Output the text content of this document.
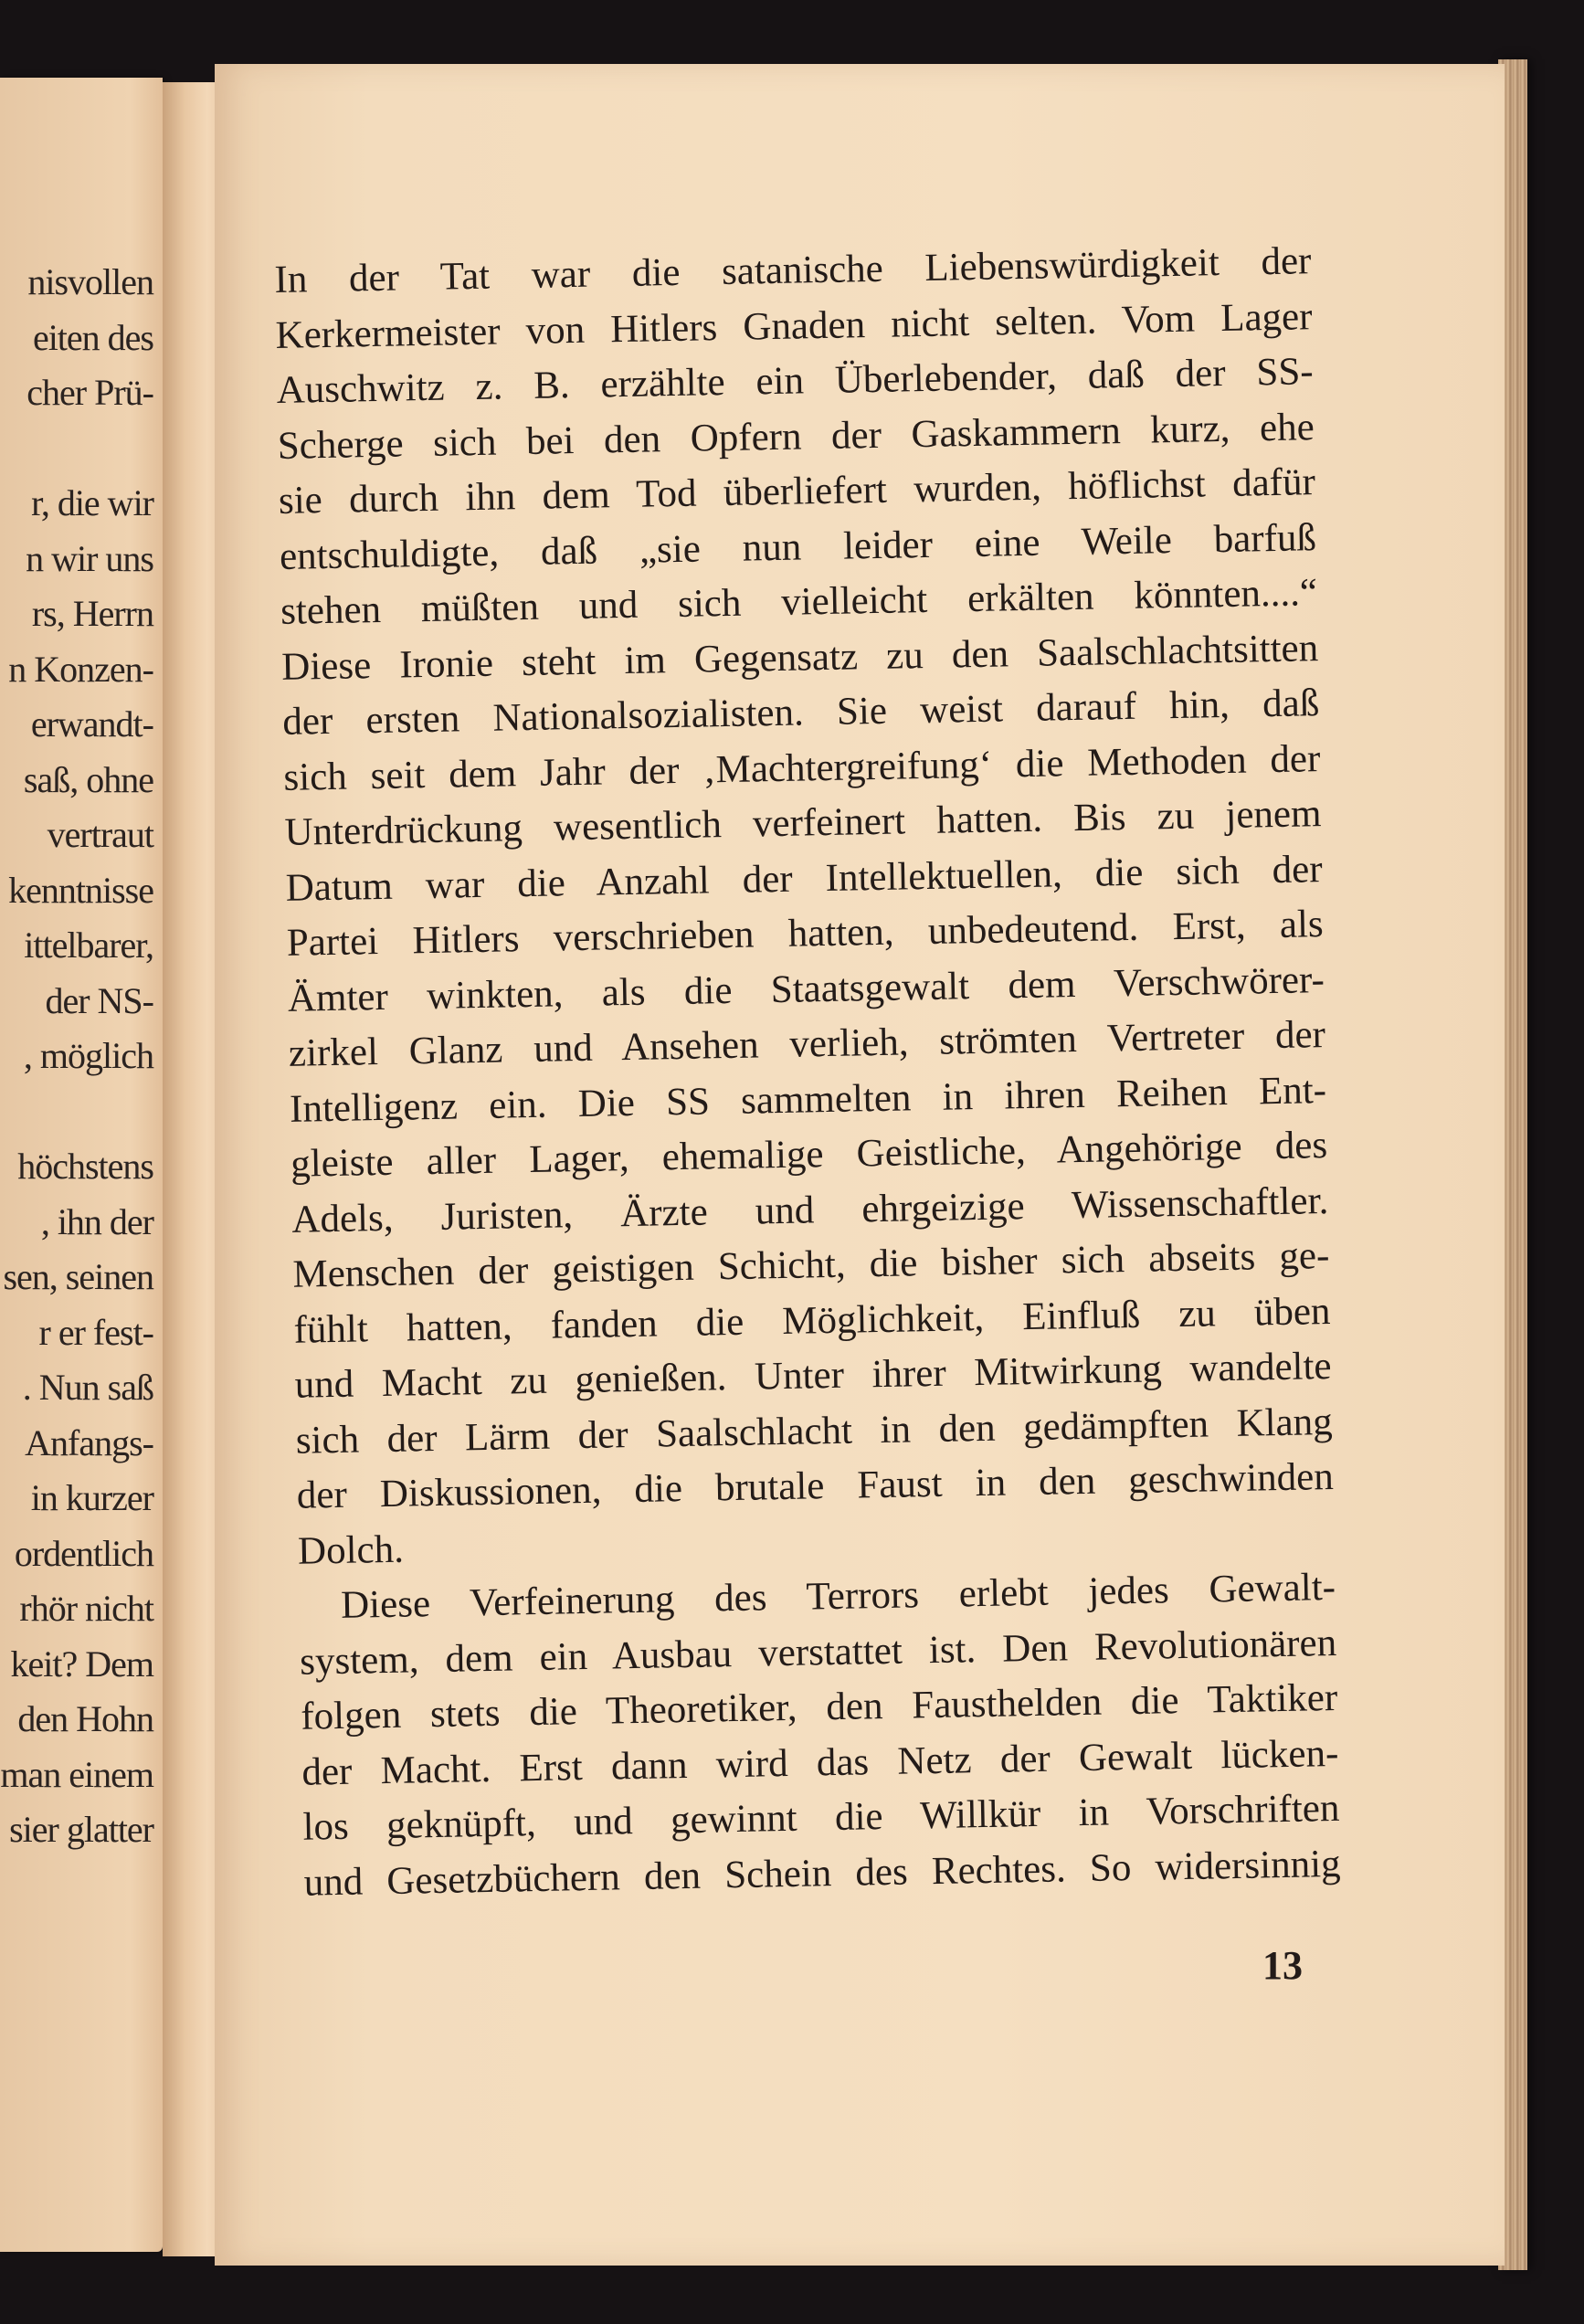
nisvollen
eiten des
cher Prü-
r, die wir
n wir uns
rs, Herrn
n Konzen-
erwandt-
saß, ohne
vertraut
kenntnisse
ittelbarer,
der NS-
, möglich
höchstens
, ihn der
sen, seinen
r er fest-
. Nun saß
Anfangs-
in kurzer
ordentlich
rhör nicht
keit? Dem
den Hohn
man einem
sier glatter
In der Tat war die satanische Liebenswürdigkeit der
Kerkermeister von Hitlers Gnaden nicht selten. Vom Lager
Auschwitz z. B. erzählte ein Überlebender, daß der SS-
Scherge sich bei den Opfern der Gaskammern kurz, ehe
sie durch ihn dem Tod überliefert wurden, höflichst dafür
entschuldigte, daß „sie nun leider eine Weile barfuß
stehen müßten und sich vielleicht erkälten könnten....“
Diese Ironie steht im Gegensatz zu den Saalschlachtsitten
der ersten Nationalsozialisten. Sie weist darauf hin, daß
sich seit dem Jahr der ‚Machtergreifung‘ die Methoden der
Unterdrückung wesentlich verfeinert hatten. Bis zu jenem
Datum war die Anzahl der Intellektuellen, die sich der
Partei Hitlers verschrieben hatten, unbedeutend. Erst, als
Ämter winkten, als die Staatsgewalt dem Verschwörer-
zirkel Glanz und Ansehen verlieh, strömten Vertreter der
Intelligenz ein. Die SS sammelten in ihren Reihen Ent-
gleiste aller Lager, ehemalige Geistliche, Angehörige des
Adels, Juristen, Ärzte und ehrgeizige Wissenschaftler.
Menschen der geistigen Schicht, die bisher sich abseits ge-
fühlt hatten, fanden die Möglichkeit, Einfluß zu üben
und Macht zu genießen. Unter ihrer Mitwirkung wandelte
sich der Lärm der Saalschlacht in den gedämpften Klang
der Diskussionen, die brutale Faust in den geschwinden
Dolch.
Diese Verfeinerung des Terrors erlebt jedes Gewalt-
system, dem ein Ausbau verstattet ist. Den Revolutionären
folgen stets die Theoretiker, den Fausthelden die Taktiker
der Macht. Erst dann wird das Netz der Gewalt lücken-
los geknüpft, und gewinnt die Willkür in Vorschriften
und Gesetzbüchern den Schein des Rechtes. So widersinnig
13
